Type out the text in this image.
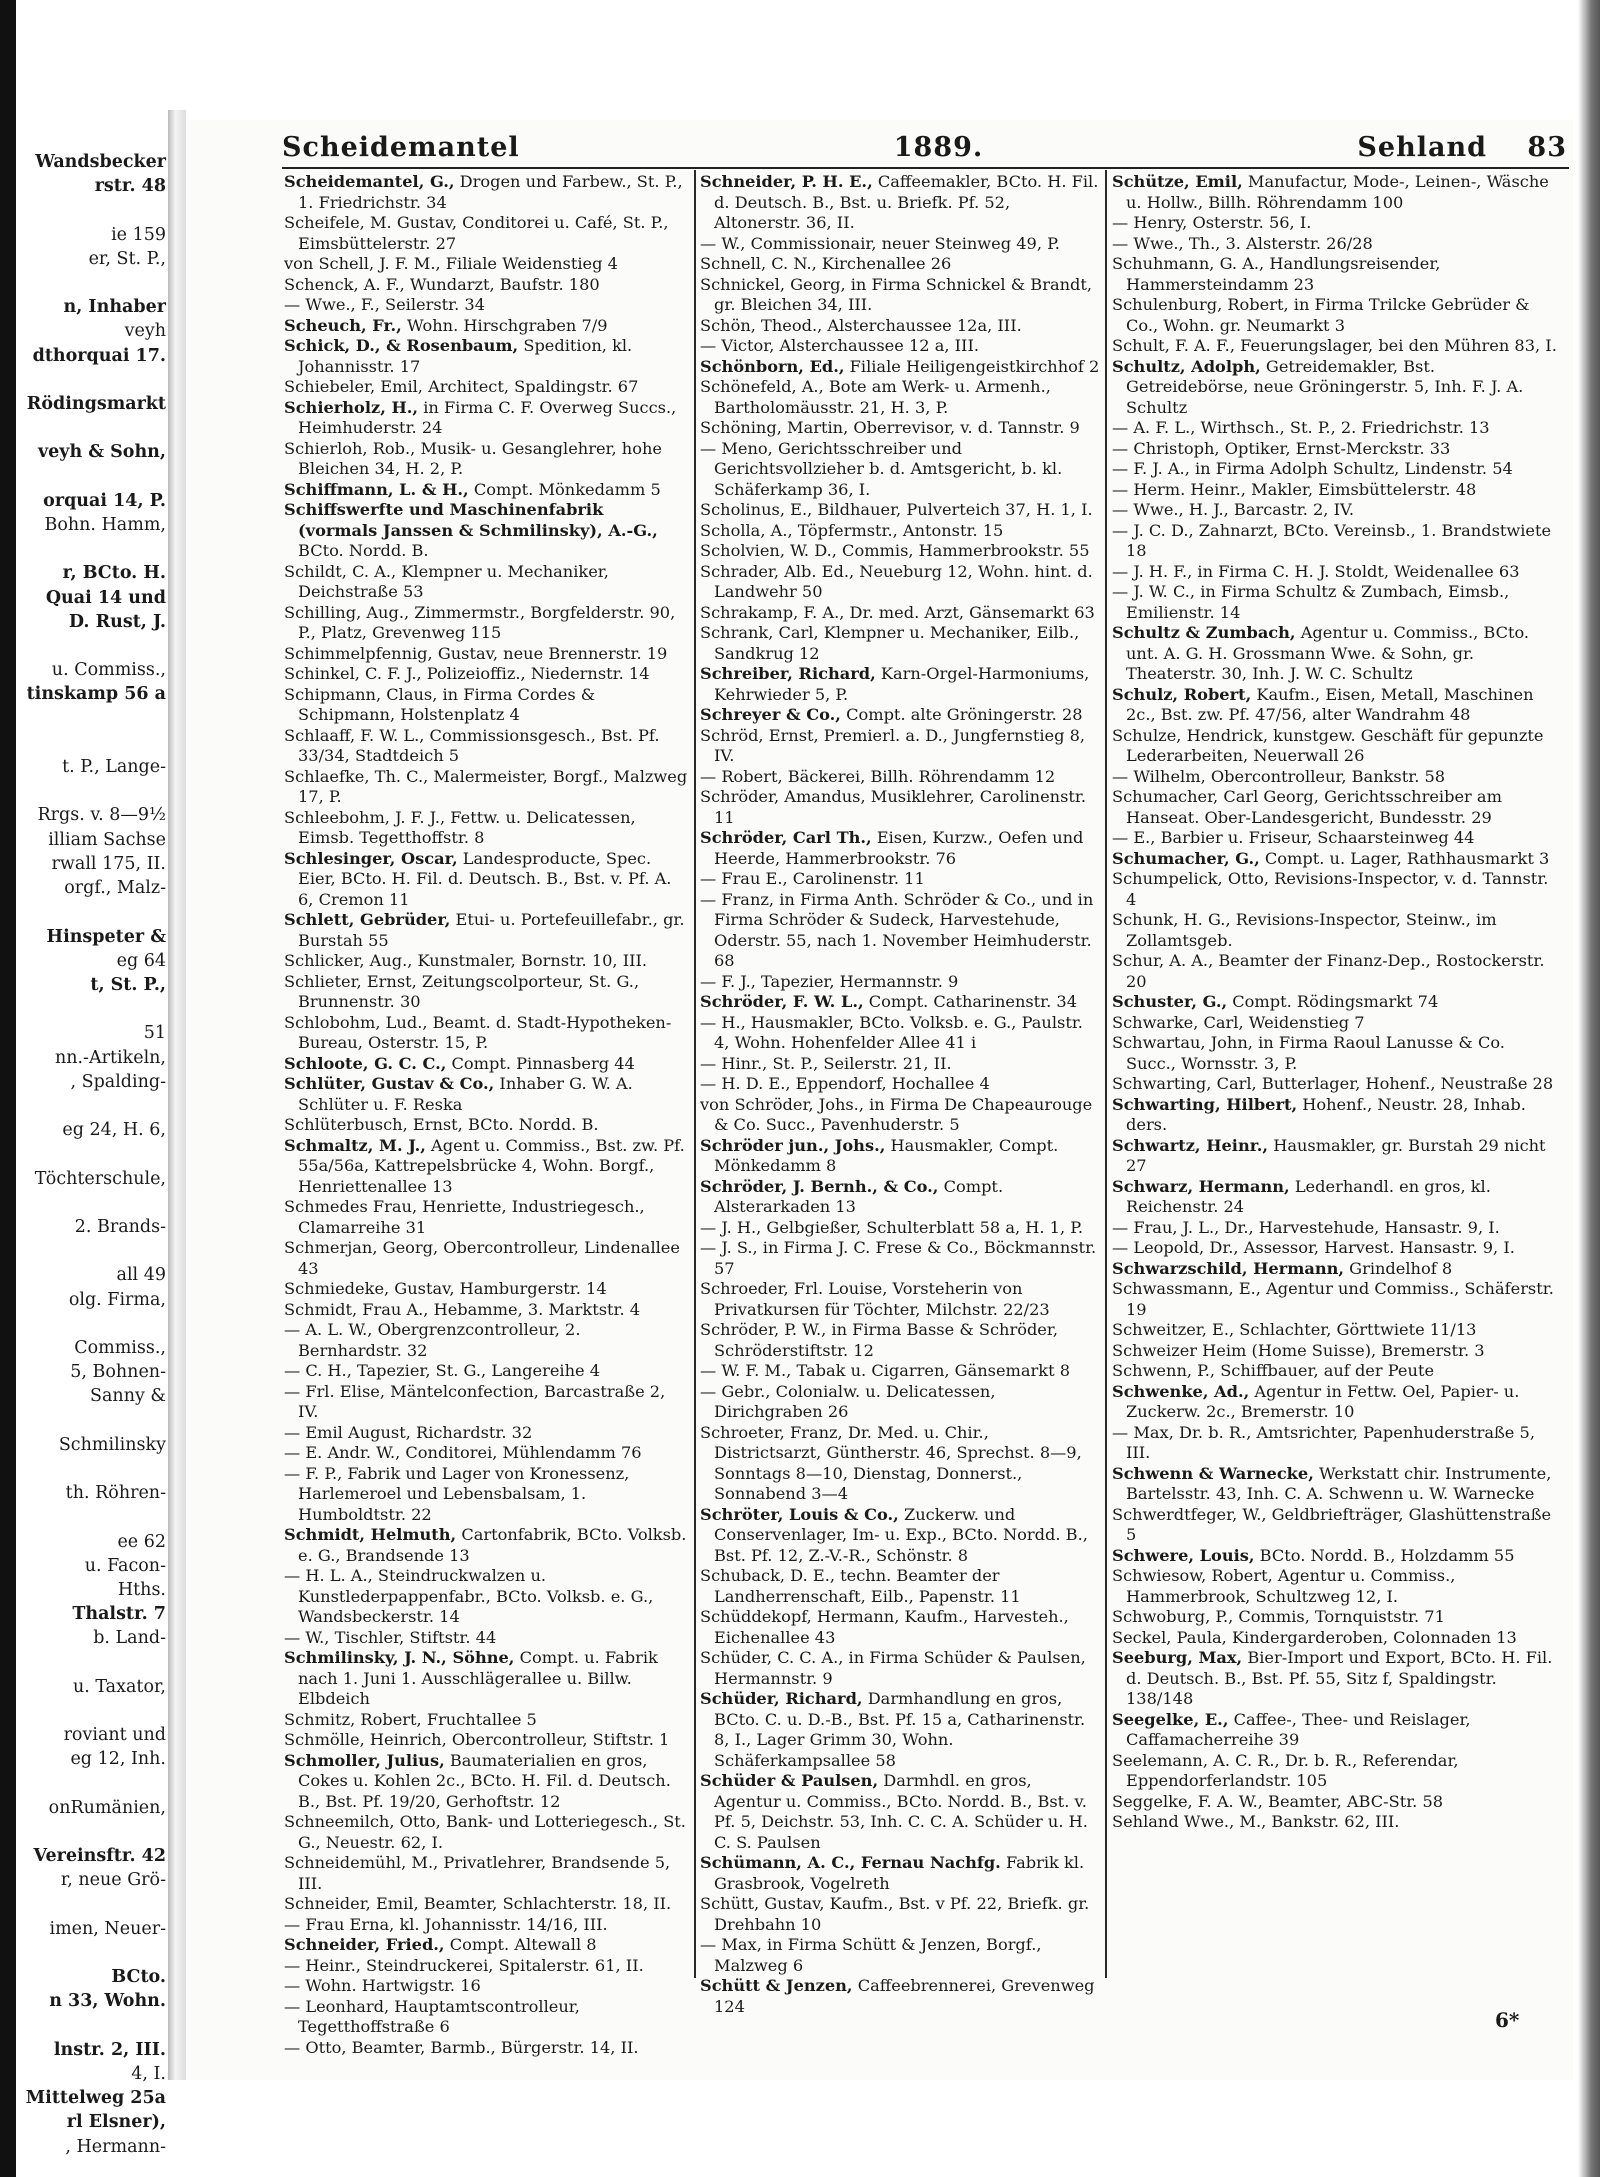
Wandsbecker
rstr. 48

ie 159
er, St. P.,

n, Inhaber
veyh
dthorquai 17.

Rödingsmarkt

veyh & Sohn,

orquai 14, P.
Bohn. Hamm,

r, BCto. H.
Quai 14 und
D. Rust, J.

u. Commiss.,
tinskamp 56 a

t. P., Lange-

Rrgs. v. 8—9½
illiam Sachse
rwall 175, II.
orgf., Malz-

Hinspeter &
eg 64
t, St. P.,

51
nn.-Artikeln,
, Spalding-

eg 24, H. 6,

Töchterschule,

2. Brands-

all 49
olg. Firma,

Commiss.,
5, Bohnen-
Sanny &

Schmilinsky

th. Röhren-

ee 62
u. Facon-
Hths.
Thalstr. 7
b. Land-

u. Taxator,

roviant und
eg 12, Inh.

onRumänien,

Vereinsftr. 42
r, neue Grö-

imen, Neuer-

BCto.
n 33, Wohn.

lnstr. 2, III.
4, I.
Mittelweg 25a
rl Elsner),
, Hermann-
Scheidemantel	1889.	Sehland 83

Scheidemantel, G., Drogen und Farbew., St. P., 1. Friedrichstr. 34

Scheifele, M. Gustav, Conditorei u. Café, St. P., Eimsbüttelerstr. 27

von Schell, J. F. M., Filiale Weidenstieg 4

Schenck, A. F., Wundarzt, Baufstr. 180

— Wwe., F., Seilerstr. 34

Scheuch, Fr., Wohn. Hirschgraben 7/9

Schick, D., & Rosenbaum, Spedition, kl. Johannisstr. 17

Schiebeler, Emil, Architect, Spaldingstr. 67

Schierholz, H., in Firma C. F. Overweg Succs., Heimhuderstr. 24

Schierloh, Rob., Musik- u. Gesanglehrer, hohe Bleichen 34, H. 2, P.

Schiffmann, L. & H., Compt. Mönkedamm 5

Schiffswerfte und Maschinenfabrik (vormals Janssen & Schmilinsky), A.-G., BCto. Nordd. B.

Schildt, C. A., Klempner u. Mechaniker, Deichstraße 53

Schilling, Aug., Zimmermstr., Borgfelderstr. 90, P., Platz, Grevenweg 115

Schimmelpfennig, Gustav, neue Brennerstr. 19

Schinkel, C. F. J., Polizeioffiz., Niedernstr. 14

Schipmann, Claus, in Firma Cordes & Schipmann, Holstenplatz 4

Schlaaff, F. W. L., Commissionsgesch., Bst. Pf. 33/34, Stadtdeich 5

Schlaefke, Th. C., Malermeister, Borgf., Malzweg 17, P.

Schleebohm, J. F. J., Fettw. u. Delicatessen, Eimsb. Tegetthoffstr. 8

Schlesinger, Oscar, Landesproducte, Spec. Eier, BCto. H. Fil. d. Deutsch. B., Bst. v. Pf. A. 6, Cremon 11

Schlett, Gebrüder, Etui- u. Portefeuillefabr., gr. Burstah 55

Schlicker, Aug., Kunstmaler, Bornstr. 10, III.

Schlieter, Ernst, Zeitungscolporteur, St. G., Brunnenstr. 30

Schlobohm, Lud., Beamt. d. Stadt-Hypotheken-Bureau, Osterstr. 15, P.

Schloote, G. C. C., Compt. Pinnasberg 44

Schlüter, Gustav & Co., Inhaber G. W. A. Schlüter u. F. Reska

Schlüterbusch, Ernst, BCto. Nordd. B.

Schmaltz, M. J., Agent u. Commiss., Bst. zw. Pf. 55a/56a, Kattrepelsbrücke 4, Wohn. Borgf., Henriettenallee 13

Schmedes Frau, Henriette, Industriegesch., Clamarreihe 31

Schmerjan, Georg, Obercontrolleur, Lindenallee 43

Schmiedeke, Gustav, Hamburgerstr. 14

Schmidt, Frau A., Hebamme, 3. Marktstr. 4

— A. L. W., Obergrenzcontrolleur, 2. Bernhardstr. 32

— C. H., Tapezier, St. G., Langereihe 4

— Frl. Elise, Mäntelconfection, Barcastraße 2, IV.

— Emil August, Richardstr. 32

— E. Andr. W., Conditorei, Mühlendamm 76

— F. P., Fabrik und Lager von Kronessenz, Harlemeroel und Lebensbalsam, 1. Humboldtstr. 22

Schmidt, Helmuth, Cartonfabrik, BCto. Volksb. e. G., Brandsende 13

— H. L. A., Steindruckwalzen u. Kunstlederpappenfabr., BCto. Volksb. e. G., Wandsbeckerstr. 14

— W., Tischler, Stiftstr. 44

Schmilinsky, J. N., Söhne, Compt. u. Fabrik nach 1. Juni 1. Ausschlägerallee u. Billw. Elbdeich

Schmitz, Robert, Fruchtallee 5

Schmölle, Heinrich, Obercontrolleur, Stiftstr. 1

Schmoller, Julius, Baumaterialien en gros, Cokes u. Kohlen 2c., BCto. H. Fil. d. Deutsch. B., Bst. Pf. 19/20, Gerhoftstr. 12

Schneemilch, Otto, Bank- und Lotteriegesch., St. G., Neuestr. 62, I.

Schneidemühl, M., Privatlehrer, Brandsende 5, III.

Schneider, Emil, Beamter, Schlachterstr. 18, II.

— Frau Erna, kl. Johannisstr. 14/16, III.

Schneider, Fried., Compt. Altewall 8

— Heinr., Steindruckerei, Spitalerstr. 61, II.

— Wohn. Hartwigstr. 16

— Leonhard, Hauptamtscontrolleur, Tegetthoffstraße 6

— Otto, Beamter, Barmb., Bürgerstr. 14, II.

Schneider, P. H. E., Caffeemakler, BCto. H. Fil. d. Deutsch. B., Bst. u. Briefk. Pf. 52, Altonerstr. 36, II.

— W., Commissionair, neuer Steinweg 49, P.

Schnell, C. N., Kirchenallee 26

Schnickel, Georg, in Firma Schnickel & Brandt, gr. Bleichen 34, III.

Schön, Theod., Alsterchaussee 12a, III.

— Victor, Alsterchaussee 12 a, III.

Schönborn, Ed., Filiale Heiligengeistkirchhof 2

Schönefeld, A., Bote am Werk- u. Armenh., Bartholomäusstr. 21, H. 3, P.

Schöning, Martin, Oberrevisor, v. d. Tannstr. 9

— Meno, Gerichtsschreiber und Gerichtsvollzieher b. d. Amtsgericht, b. kl. Schäferkamp 36, I.

Scholinus, E., Bildhauer, Pulverteich 37, H. 1, I.

Scholla, A., Töpfermstr., Antonstr. 15

Scholvien, W. D., Commis, Hammerbrookstr. 55

Schrader, Alb. Ed., Neueburg 12, Wohn. hint. d. Landwehr 50

Schrakamp, F. A., Dr. med. Arzt, Gänsemarkt 63

Schrank, Carl, Klempner u. Mechaniker, Eilb., Sandkrug 12

Schreiber, Richard, Karn-Orgel-Harmoniums, Kehrwieder 5, P.

Schreyer & Co., Compt. alte Gröningerstr. 28

Schröd, Ernst, Premierl. a. D., Jungfernstieg 8, IV.

— Robert, Bäckerei, Billh. Röhrendamm 12

Schröder, Amandus, Musiklehrer, Carolinenstr. 11

Schröder, Carl Th., Eisen, Kurzw., Oefen und Heerde, Hammerbrookstr. 76

— Frau E., Carolinenstr. 11

— Franz, in Firma Anth. Schröder & Co., und in Firma Schröder & Sudeck, Harvestehude, Oderstr. 55, nach 1. November Heimhuderstr. 68

— F. J., Tapezier, Hermannstr. 9

Schröder, F. W. L., Compt. Catharinenstr. 34

— H., Hausmakler, BCto. Volksb. e. G., Paulstr. 4, Wohn. Hohenfelder Allee 41 i

— Hinr., St. P., Seilerstr. 21, II.

— H. D. E., Eppendorf, Hochallee 4

von Schröder, Johs., in Firma De Chapeaurouge & Co. Succ., Pavenhuderstr. 5

Schröder jun., Johs., Hausmakler, Compt. Mönkedamm 8

Schröder, J. Bernh., & Co., Compt. Alsterarkaden 13

— J. H., Gelbgießer, Schulterblatt 58 a, H. 1, P.

— J. S., in Firma J. C. Frese & Co., Böckmannstr. 57

Schroeder, Frl. Louise, Vorsteherin von Privatkursen für Töchter, Milchstr. 22/23

Schröder, P. W., in Firma Basse & Schröder, Schröderstiftstr. 12

— W. F. M., Tabak u. Cigarren, Gänsemarkt 8

— Gebr., Colonialw. u. Delicatessen, Dirichgraben 26

Schroeter, Franz, Dr. Med. u. Chir., Districtsarzt, Güntherstr. 46, Sprechst. 8—9, Sonntags 8—10, Dienstag, Donnerst., Sonnabend 3—4

Schröter, Louis & Co., Zuckerw. und Conservenlager, Im- u. Exp., BCto. Nordd. B., Bst. Pf. 12, Z.-V.-R., Schönstr. 8

Schuback, D. E., techn. Beamter der Landherrenschaft, Eilb., Papenstr. 11

Schüddekopf, Hermann, Kaufm., Harvesteh., Eichenallee 43

Schüder, C. C. A., in Firma Schüder & Paulsen, Hermannstr. 9

Schüder, Richard, Darmhandlung en gros, BCto. C. u. D.-B., Bst. Pf. 15 a, Catharinenstr. 8, I., Lager Grimm 30, Wohn. Schäferkampsallee 58

Schüder & Paulsen, Darmhdl. en gros, Agentur u. Commiss., BCto. Nordd. B., Bst. v. Pf. 5, Deichstr. 53, Inh. C. C. A. Schüder u. H. C. S. Paulsen

Schümann, A. C., Fernau Nachfg. Fabrik kl. Grasbrook, Vogelreth

Schütt, Gustav, Kaufm., Bst. v Pf. 22, Briefk. gr. Drehbahn 10

— Max, in Firma Schütt & Jenzen, Borgf., Malzweg 6

Schütt & Jenzen, Caffeebrennerei, Grevenweg 124

Schütze, Emil, Manufactur, Mode-, Leinen-, Wäsche u. Hollw., Billh. Röhrendamm 100

— Henry, Osterstr. 56, I.

— Wwe., Th., 3. Alsterstr. 26/28

Schuhmann, G. A., Handlungsreisender, Hammersteindamm 23

Schulenburg, Robert, in Firma Trilcke Gebrüder & Co., Wohn. gr. Neumarkt 3

Schult, F. A. F., Feuerungslager, bei den Mühren 83, I.

Schultz, Adolph, Getreidemakler, Bst. Getreidebörse, neue Gröningerstr. 5, Inh. F. J. A. Schultz

— A. F. L., Wirthsch., St. P., 2. Friedrichstr. 13

— Christoph, Optiker, Ernst-Merckstr. 33

— F. J. A., in Firma Adolph Schultz, Lindenstr. 54

— Herm. Heinr., Makler, Eimsbüttelerstr. 48

— Wwe., H. J., Barcastr. 2, IV.

— J. C. D., Zahnarzt, BCto. Vereinsb., 1. Brandstwiete 18

— J. H. F., in Firma C. H. J. Stoldt, Weidenallee 63

— J. W. C., in Firma Schultz & Zumbach, Eimsb., Emilienstr. 14

Schultz & Zumbach, Agentur u. Commiss., BCto. unt. A. G. H. Grossmann Wwe. & Sohn, gr. Theaterstr. 30, Inh. J. W. C. Schultz

Schulz, Robert, Kaufm., Eisen, Metall, Maschinen 2c., Bst. zw. Pf. 47/56, alter Wandrahm 48

Schulze, Hendrick, kunstgew. Geschäft für gepunzte Lederarbeiten, Neuerwall 26

— Wilhelm, Obercontrolleur, Bankstr. 58

Schumacher, Carl Georg, Gerichtsschreiber am Hanseat. Ober-Landesgericht, Bundesstr. 29

— E., Barbier u. Friseur, Schaarsteinweg 44

Schumacher, G., Compt. u. Lager, Rathhausmarkt 3

Schumpelick, Otto, Revisions-Inspector, v. d. Tannstr. 4

Schunk, H. G., Revisions-Inspector, Steinw., im Zollamtsgeb.

Schur, A. A., Beamter der Finanz-Dep., Rostockerstr. 20

Schuster, G., Compt. Rödingsmarkt 74

Schwarke, Carl, Weidenstieg 7

Schwartau, John, in Firma Raoul Lanusse & Co. Succ., Wornsstr. 3, P.

Schwarting, Carl, Butterlager, Hohenf., Neustraße 28

Schwarting, Hilbert, Hohenf., Neustr. 28, Inhab. ders.

Schwartz, Heinr., Hausmakler, gr. Burstah 29 nicht 27

Schwarz, Hermann, Lederhandl. en gros, kl. Reichenstr. 24

— Frau, J. L., Dr., Harvestehude, Hansastr. 9, I.

— Leopold, Dr., Assessor, Harvest. Hansastr. 9, I.

Schwarzschild, Hermann, Grindelhof 8

Schwassmann, E., Agentur und Commiss., Schäferstr. 19

Schweitzer, E., Schlachter, Görttwiete 11/13

Schweizer Heim (Home Suisse), Bremerstr. 3

Schwenn, P., Schiffbauer, auf der Peute

Schwenke, Ad., Agentur in Fettw. Oel, Papier- u. Zuckerw. 2c., Bremerstr. 10

— Max, Dr. b. R., Amtsrichter, Papenhuderstraße 5, III.

Schwenn & Warnecke, Werkstatt chir. Instrumente, Bartelsstr. 43, Inh. C. A. Schwenn u. W. Warnecke

Schwerdtfeger, W., Geldbriefträger, Glashüttenstraße 5

Schwere, Louis, BCto. Nordd. B., Holzdamm 55

Schwiesow, Robert, Agentur u. Commiss., Hammerbrook, Schultzweg 12, I.

Schwoburg, P., Commis, Tornquiststr. 71

Seckel, Paula, Kindergarderoben, Colonnaden 13

Seeburg, Max, Bier-Import und Export, BCto. H. Fil. d. Deutsch. B., Bst. Pf. 55, Sitz f, Spaldingstr. 138/148

Seegelke, E., Caffee-, Thee- und Reislager, Caffamacherreihe 39

Seelemann, A. C. R., Dr. b. R., Referendar, Eppendorferlandstr. 105

Seggelke, F. A. W., Beamter, ABC-Str. 58

Sehland Wwe., M., Bankstr. 62, III.

6*
